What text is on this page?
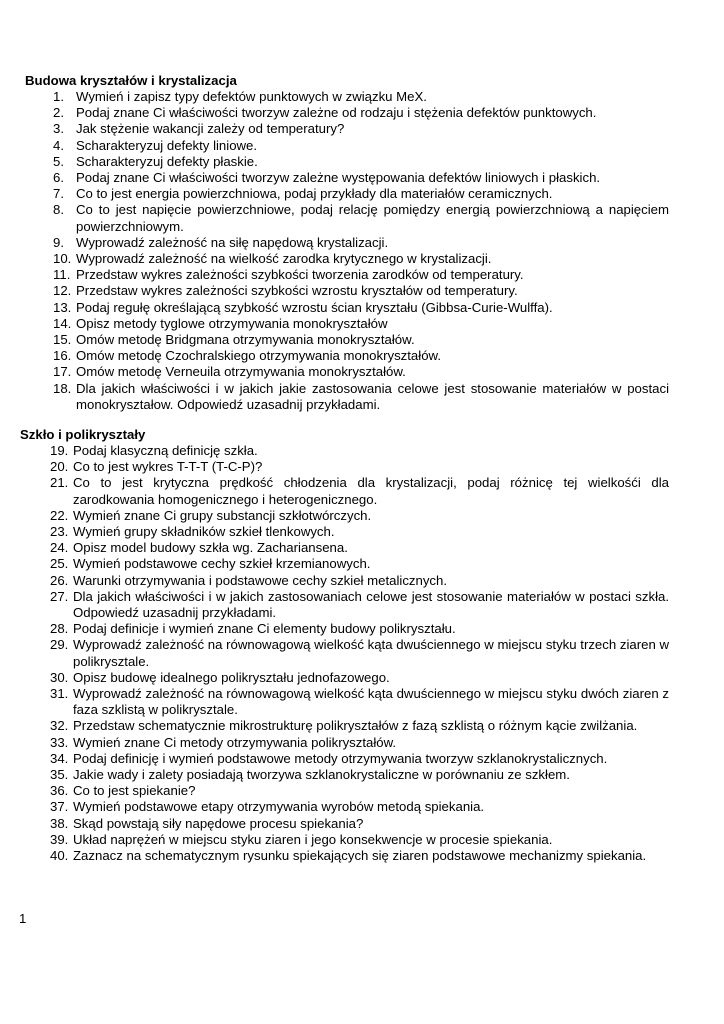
Budowa kryształów i krystalizacja
1. Wymień i zapisz typy defektów punktowych w związku MeX.
2. Podaj znane Ci właściwości tworzyw zależne od rodzaju i stężenia defektów punktowych.
3. Jak stężenie wakancji zależy od temperatury?
4. Scharakteryzuj defekty liniowe.
5. Scharakteryzuj defekty płaskie.
6. Podaj znane Ci właściwości tworzyw zależne występowania defektów liniowych i płaskich.
7. Co to jest energia powierzchniowa, podaj przykłady dla materiałów ceramicznych.
8. Co to jest napięcie powierzchniowe, podaj relację pomiędzy energią powierzchniową a napięciem powierzchniowym.
9. Wyprowadź zależność na siłę napędową krystalizacji.
10. Wyprowadź zależność na wielkość zarodka krytycznego w krystalizacji.
11. Przedstaw wykres zależności szybkości tworzenia zarodków od temperatury.
12. Przedstaw wykres zależności szybkości wzrostu kryształów od temperatury.
13. Podaj regułę określającą szybkość wzrostu ścian kryształu (Gibbsa-Curie-Wulffa).
14. Opisz metody tyglowe otrzymywania monokryształów
15. Omów metodę Bridgmana otrzymywania monokryształów.
16. Omów metodę Czochralskiego otrzymywania monokryształów.
17. Omów metodę Verneuila otrzymywania monokryształów.
18. Dla jakich właściwości i w jakich jakie zastosowania celowe jest stosowanie materiałów w postaci monokryształow. Odpowiedź uzasadnij przykładami.
Szkło i polikryształy
19. Podaj klasyczną definicję szkła.
20. Co to jest wykres T-T-T (T-C-P)?
21. Co to jest krytyczna prędkość chłodzenia dla krystalizacji, podaj różnicę tej wielkośći dla zarodkowania homogenicznego i heterogenicznego.
22. Wymień znane Ci grupy substancji szkłotwórczych.
23. Wymień grupy składników szkieł tlenkowych.
24. Opisz model budowy szkła wg. Zachariansena.
25. Wymień podstawowe cechy szkieł krzemianowych.
26. Warunki otrzymywania i podstawowe cechy szkieł metalicznych.
27. Dla jakich właściwości i w jakich zastosowaniach celowe jest stosowanie materiałów w postaci szkła. Odpowiedź uzasadnij przykładami.
28. Podaj definicje i wymień znane Ci elementy budowy polikryształu.
29. Wyprowadź zależność na równowagową wielkość kąta dwuściennego w miejscu styku trzech ziaren w polikrysztale.
30. Opisz budowę idealnego polikryształu jednofazowego.
31. Wyprowadź zależność na równowagową wielkość kąta dwuściennego w miejscu styku dwóch ziaren z faza szklistą w polikrysztale.
32. Przedstaw schematycznie mikrostrukturę polikryształów z fazą szklistą o różnym kącie zwilżania.
33. Wymień znane Ci metody otrzymywania polikryształów.
34. Podaj definicję i wymień podstawowe metody otrzymywania tworzyw szklanokrystalicznych.
35. Jakie wady i zalety posiadają tworzywa szklanokrystaliczne w porównaniu ze szkłem.
36. Co to jest spiekanie?
37. Wymień podstawowe etapy otrzymywania wyrobów metodą spiekania.
38. Skąd powstają siły napędowe procesu spiekania?
39. Układ naprężeń w miejscu styku ziaren i jego konsekwencje w procesie spiekania.
40. Zaznacz na schematycznym rysunku spiekających się ziaren podstawowe mechanizmy spiekania.
1
